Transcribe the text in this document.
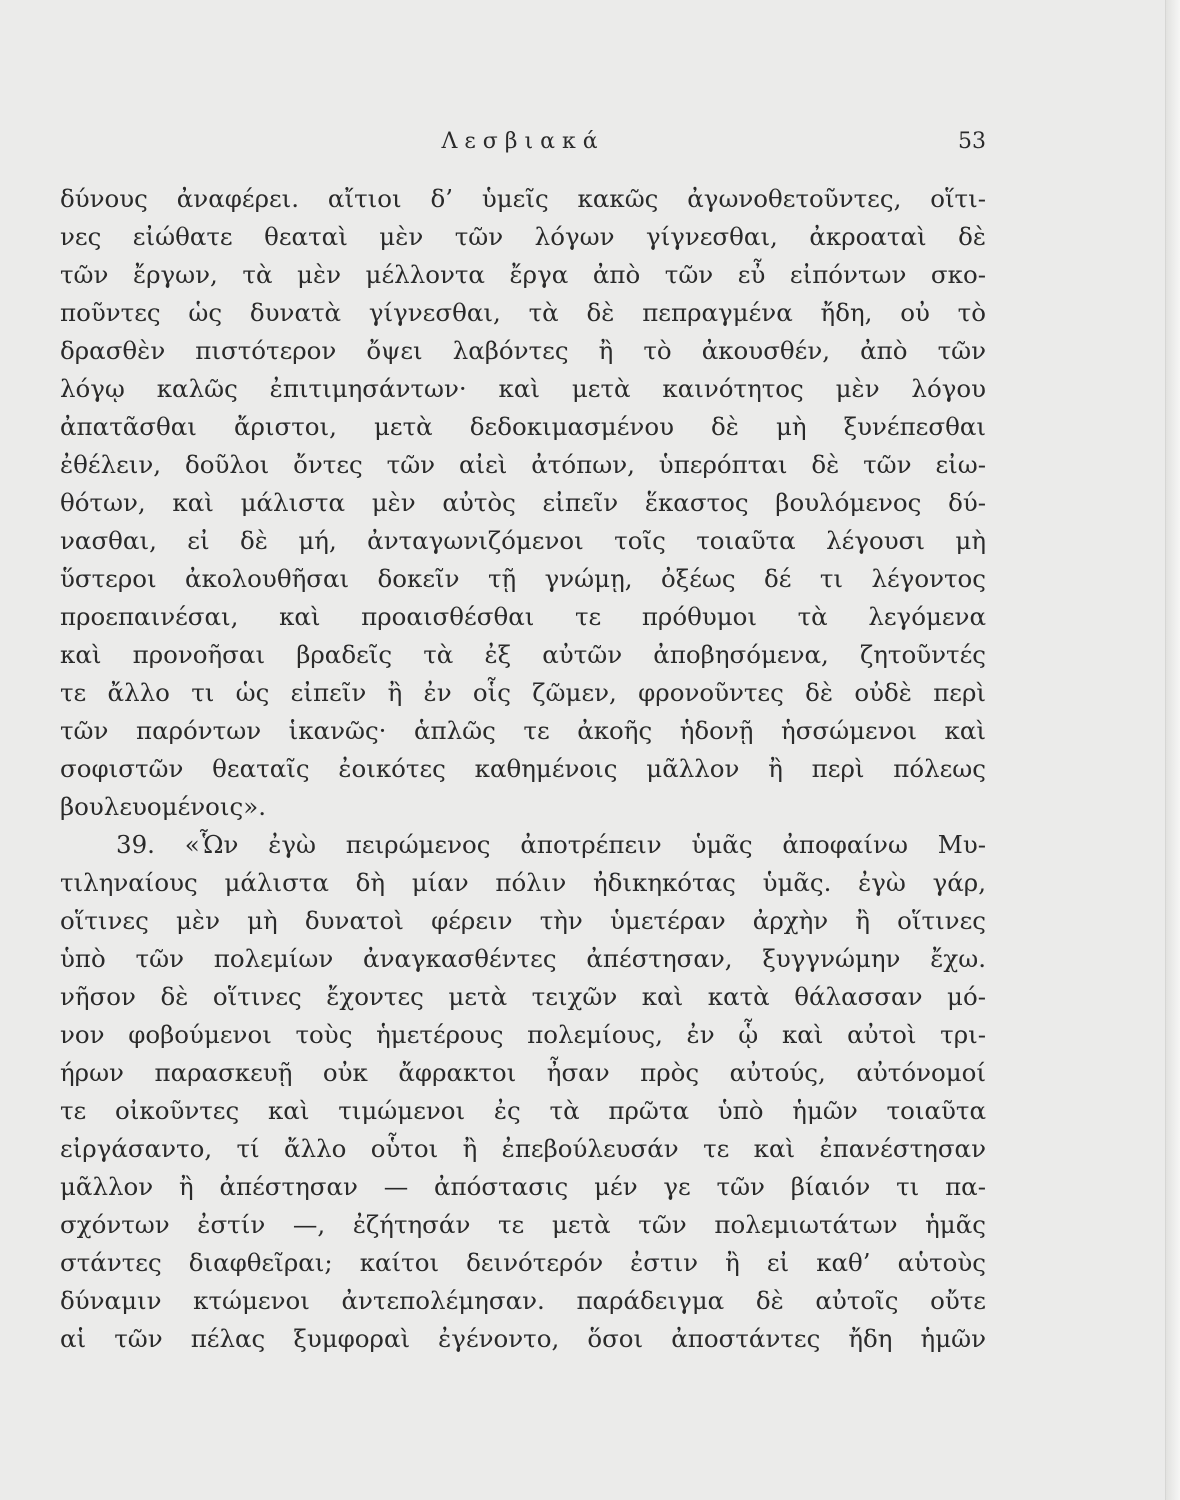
Λεσβιακά	53
δύνους ἀναφέρει. αἴτιοι δ’ ὑμεῖς κακῶς ἀγωνοθετοῦντες, οἵτι-
νες εἰώθατε θεαταὶ μὲν τῶν λόγων γίγνεσθαι, ἀκροαταὶ δὲ
τῶν ἔργων, τὰ μὲν μέλλοντα ἔργα ἀπὸ τῶν εὖ εἰπόντων σκο-
ποῦντες ὡς δυνατὰ γίγνεσθαι, τὰ δὲ πεπραγμένα ἤδη, οὐ τὸ
δρασθὲν πιστότερον ὄψει λαβόντες ἢ τὸ ἀκουσθέν, ἀπὸ τῶν
λόγῳ καλῶς ἐπιτιμησάντων· καὶ μετὰ καινότητος μὲν λόγου
ἀπατᾶσθαι ἄριστοι, μετὰ δεδοκιμασμένου δὲ μὴ ξυνέπεσθαι
ἐθέλειν, δοῦλοι ὄντες τῶν αἰεὶ ἀτόπων, ὑπερόπται δὲ τῶν εἰω-
θότων, καὶ μάλιστα μὲν αὐτὸς εἰπεῖν ἕκαστος βουλόμενος δύ-
νασθαι, εἰ δὲ μή, ἀνταγωνιζόμενοι τοῖς τοιαῦτα λέγουσι μὴ
ὕστεροι ἀκολουθῆσαι δοκεῖν τῇ γνώμῃ, ὀξέως δέ τι λέγοντος
προεπαινέσαι, καὶ προαισθέσθαι τε πρόθυμοι τὰ λεγόμενα
καὶ προνοῆσαι βραδεῖς τὰ ἐξ αὐτῶν ἀποβησόμενα, ζητοῦντές
τε ἄλλο τι ὡς εἰπεῖν ἢ ἐν οἷς ζῶμεν, φρονοῦντες δὲ οὐδὲ περὶ
τῶν παρόντων ἱκανῶς· ἁπλῶς τε ἀκοῆς ἡδονῇ ἡσσώμενοι καὶ
σοφιστῶν θεαταῖς ἐοικότες καθημένοις μᾶλλον ἢ περὶ πόλεως
βουλευομένοις».
39. «Ὧν ἐγὼ πειρώμενος ἀποτρέπειν ὑμᾶς ἀποφαίνω Μυ-
τιληναίους μάλιστα δὴ μίαν πόλιν ἠδικηκότας ὑμᾶς. ἐγὼ γάρ,
οἵτινες μὲν μὴ δυνατοὶ φέρειν τὴν ὑμετέραν ἀρχὴν ἢ οἵτινες
ὑπὸ τῶν πολεμίων ἀναγκασθέντες ἀπέστησαν, ξυγγνώμην ἔχω.
νῆσον δὲ οἵτινες ἔχοντες μετὰ τειχῶν καὶ κατὰ θάλασσαν μό-
νον φοβούμενοι τοὺς ἡμετέρους πολεμίους, ἐν ᾧ καὶ αὐτοὶ τρι-
ήρων παρασκευῇ οὐκ ἄφρακτοι ἦσαν πρὸς αὐτούς, αὐτόνομοί
τε οἰκοῦντες καὶ τιμώμενοι ἐς τὰ πρῶτα ὑπὸ ἡμῶν τοιαῦτα
εἰργάσαντο, τί ἄλλο οὗτοι ἢ ἐπεβούλευσάν τε καὶ ἐπανέστησαν
μᾶλλον ἢ ἀπέστησαν — ἀπόστασις μέν γε τῶν βίαιόν τι πα-
σχόντων ἐστίν —, ἐζήτησάν τε μετὰ τῶν πολεμιωτάτων ἡμᾶς
στάντες διαφθεῖραι; καίτοι δεινότερόν ἐστιν ἢ εἰ καθ’ αὑτοὺς
δύναμιν κτώμενοι ἀντεπολέμησαν. παράδειγμα δὲ αὐτοῖς οὔτε
αἱ τῶν πέλας ξυμφοραὶ ἐγένοντο, ὅσοι ἀποστάντες ἤδη ἡμῶν
